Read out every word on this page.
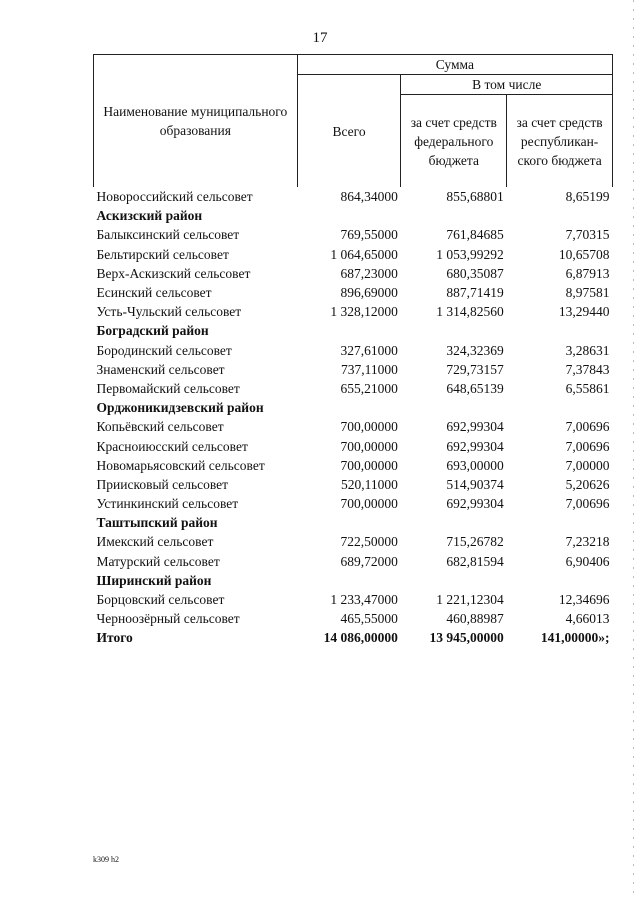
17
Наименование муниципального образования	Сумма		
	Всего	В том числе	
		за счет средств федерального бюджета	за счет средств республикан-ского бюджета
Новороссийский сельсовет	864,34000	855,68801	8,65199
Аскизский район			
Балыксинский сельсовет	769,55000	761,84685	7,70315
Бельтирский сельсовет	1 064,65000	1 053,99292	10,65708
Верх-Аскизский сельсовет	687,23000	680,35087	6,87913
Есинский сельсовет	896,69000	887,71419	8,97581
Усть-Чульский сельсовет	1 328,12000	1 314,82560	13,29440
Боградский район			
Бородинский сельсовет	327,61000	324,32369	3,28631
Знаменский сельсовет	737,11000	729,73157	7,37843
Первомайский сельсовет	655,21000	648,65139	6,55861
Орджоникидзевский район			
Копьёвский сельсовет	700,00000	692,99304	7,00696
Красноиюсский сельсовет	700,00000	692,99304	7,00696
Новомарьясовский сельсовет	700,00000	693,00000	7,00000
Приисковый сельсовет	520,11000	514,90374	5,20626
Устинкинский сельсовет	700,00000	692,99304	7,00696
Таштыпский район			
Имекский сельсовет	722,50000	715,26782	7,23218
Матурский сельсовет	689,72000	682,81594	6,90406
Ширинский район			
Борцовский сельсовет	1 233,47000	1 221,12304	12,34696
Черноозёрный сельсовет	465,55000	460,88987	4,66013
Итого	14 086,00000	13 945,00000	141,00000»;
k309 h2
